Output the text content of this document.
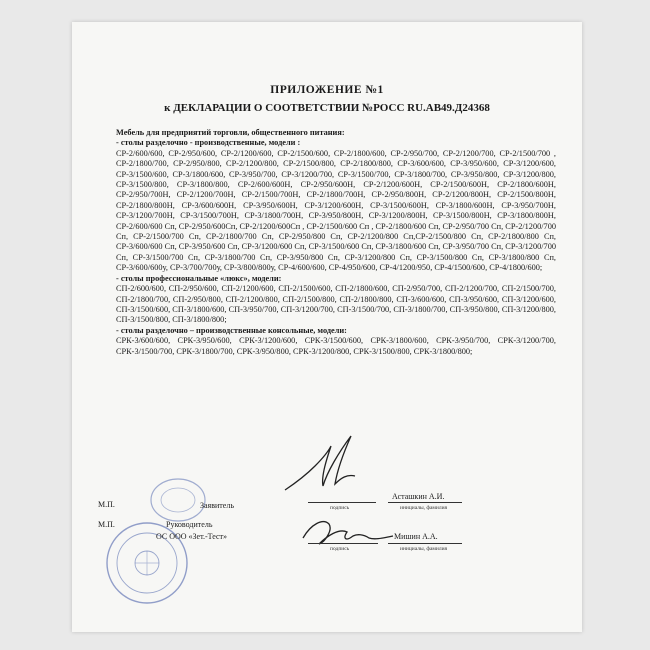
ПРИЛОЖЕНИЕ №1
к ДЕКЛАРАЦИИ О СООТВЕТСТВИИ №РОСС RU.АВ49.Д24368
Мебель для предприятий торговли, общественного питания:
- столы разделочно - производственные, модели :
СР-2/600/600, СР-2/950/600, СР-2/1200/600, СР-2/1500/600, СР-2/1800/600, СР-2/950/700, СР-2/1200/700, СР-2/1500/700 , СР-2/1800/700, СР-2/950/800, СР-2/1200/800, СР-2/1500/800, СР-2/1800/800, СР-3/600/600, СР-3/950/600, СР-3/1200/600, СР-3/1500/600, СР-3/1800/600, СР-3/950/700, СР-3/1200/700, СР-3/1500/700, СР-3/1800/700, СР-3/950/800, СР-3/1200/800, СР-3/1500/800, СР-3/1800/800, СР-2/600/600Н, СР-2/950/600Н, СР-2/1200/600Н, СР-2/1500/600Н, СР-2/1800/600Н, СР-2/950/700Н, СР-2/1200/700Н, СР-2/1500/700Н, СР-2/1800/700Н, СР-2/950/800Н, СР-2/1200/800Н, СР-2/1500/800Н, СР-2/1800/800Н, СР-3/600/600Н, СР-3/950/600Н, СР-3/1200/600Н, СР-3/1500/600Н, СР-3/1800/600Н, СР-3/950/700Н, СР-3/1200/700Н, СР-3/1500/700Н, СР-3/1800/700Н, СР-3/950/800Н, СР-3/1200/800Н, СР-3/1500/800Н, СР-3/1800/800Н, СР-2/600/600 Сп, СР-2/950/600Сп, СР-2/1200/600Сп , СР-2/1500/600 Сп , СР-2/1800/600 Сп, СР-2/950/700 Сп, СР-2/1200/700 Сп, СР-2/1500/700 Сп, СР-2/1800/700 Сп, СР-2/950/800 Сп, СР-2/1200/800 Сп,СР-2/1500/800 Сп, СР-2/1800/800 Сп, СР-3/600/600 Сп, СР-3/950/600 Сп, СР-3/1200/600 Сп, СР-3/1500/600 Сп, СР-3/1800/600 Сп, СР-3/950/700 Сп, СР-3/1200/700 Сп, СР-3/1500/700 Сп, СР-3/1800/700 Сп, СР-3/950/800 Сп, СР-3/1200/800 Сп, СР-3/1500/800 Сп, СР-3/1800/800 Сп, СР-3/600/600у, СР-3/700/700у, СР-3/800/800у, СР-4/600/600, СР-4/950/600, СР-4/1200/950, СР-4/1500/600, СР-4/1800/600;
- столы профессиональные «люкс», модели:
СП-2/600/600, СП-2/950/600, СП-2/1200/600, СП-2/1500/600, СП-2/1800/600, СП-2/950/700, СП-2/1200/700, СП-2/1500/700, СП-2/1800/700, СП-2/950/800, СП-2/1200/800, СП-2/1500/800, СП-2/1800/800, СП-3/600/600, СП-3/950/600, СП-3/1200/600, СП-3/1500/600, СП-3/1800/600, СП-3/950/700, СП-3/1200/700, СП-3/1500/700, СП-3/1800/700, СП-3/950/800, СП-3/1200/800, СП-3/1500/800, СП-3/1800/800;
- столы разделочно – производственные консольные, модели:
СРК-3/600/600, СРК-3/950/600, СРК-3/1200/600, СРК-3/1500/600, СРК-3/1800/600, СРК-3/950/700, СРК-3/1200/700, СРК-3/1500/700, СРК-3/1800/700, СРК-3/950/800, СРК-3/1200/800, СРК-3/1500/800, СРК-3/1800/800;
М.П.	Заявитель	подпись
Асташкин А.И.
инициалы, фамилия
М.П.	Руководитель
ОС ООО «Зет.-Тест»
подпись
Мишин А.А.
инициалы, фамилия
